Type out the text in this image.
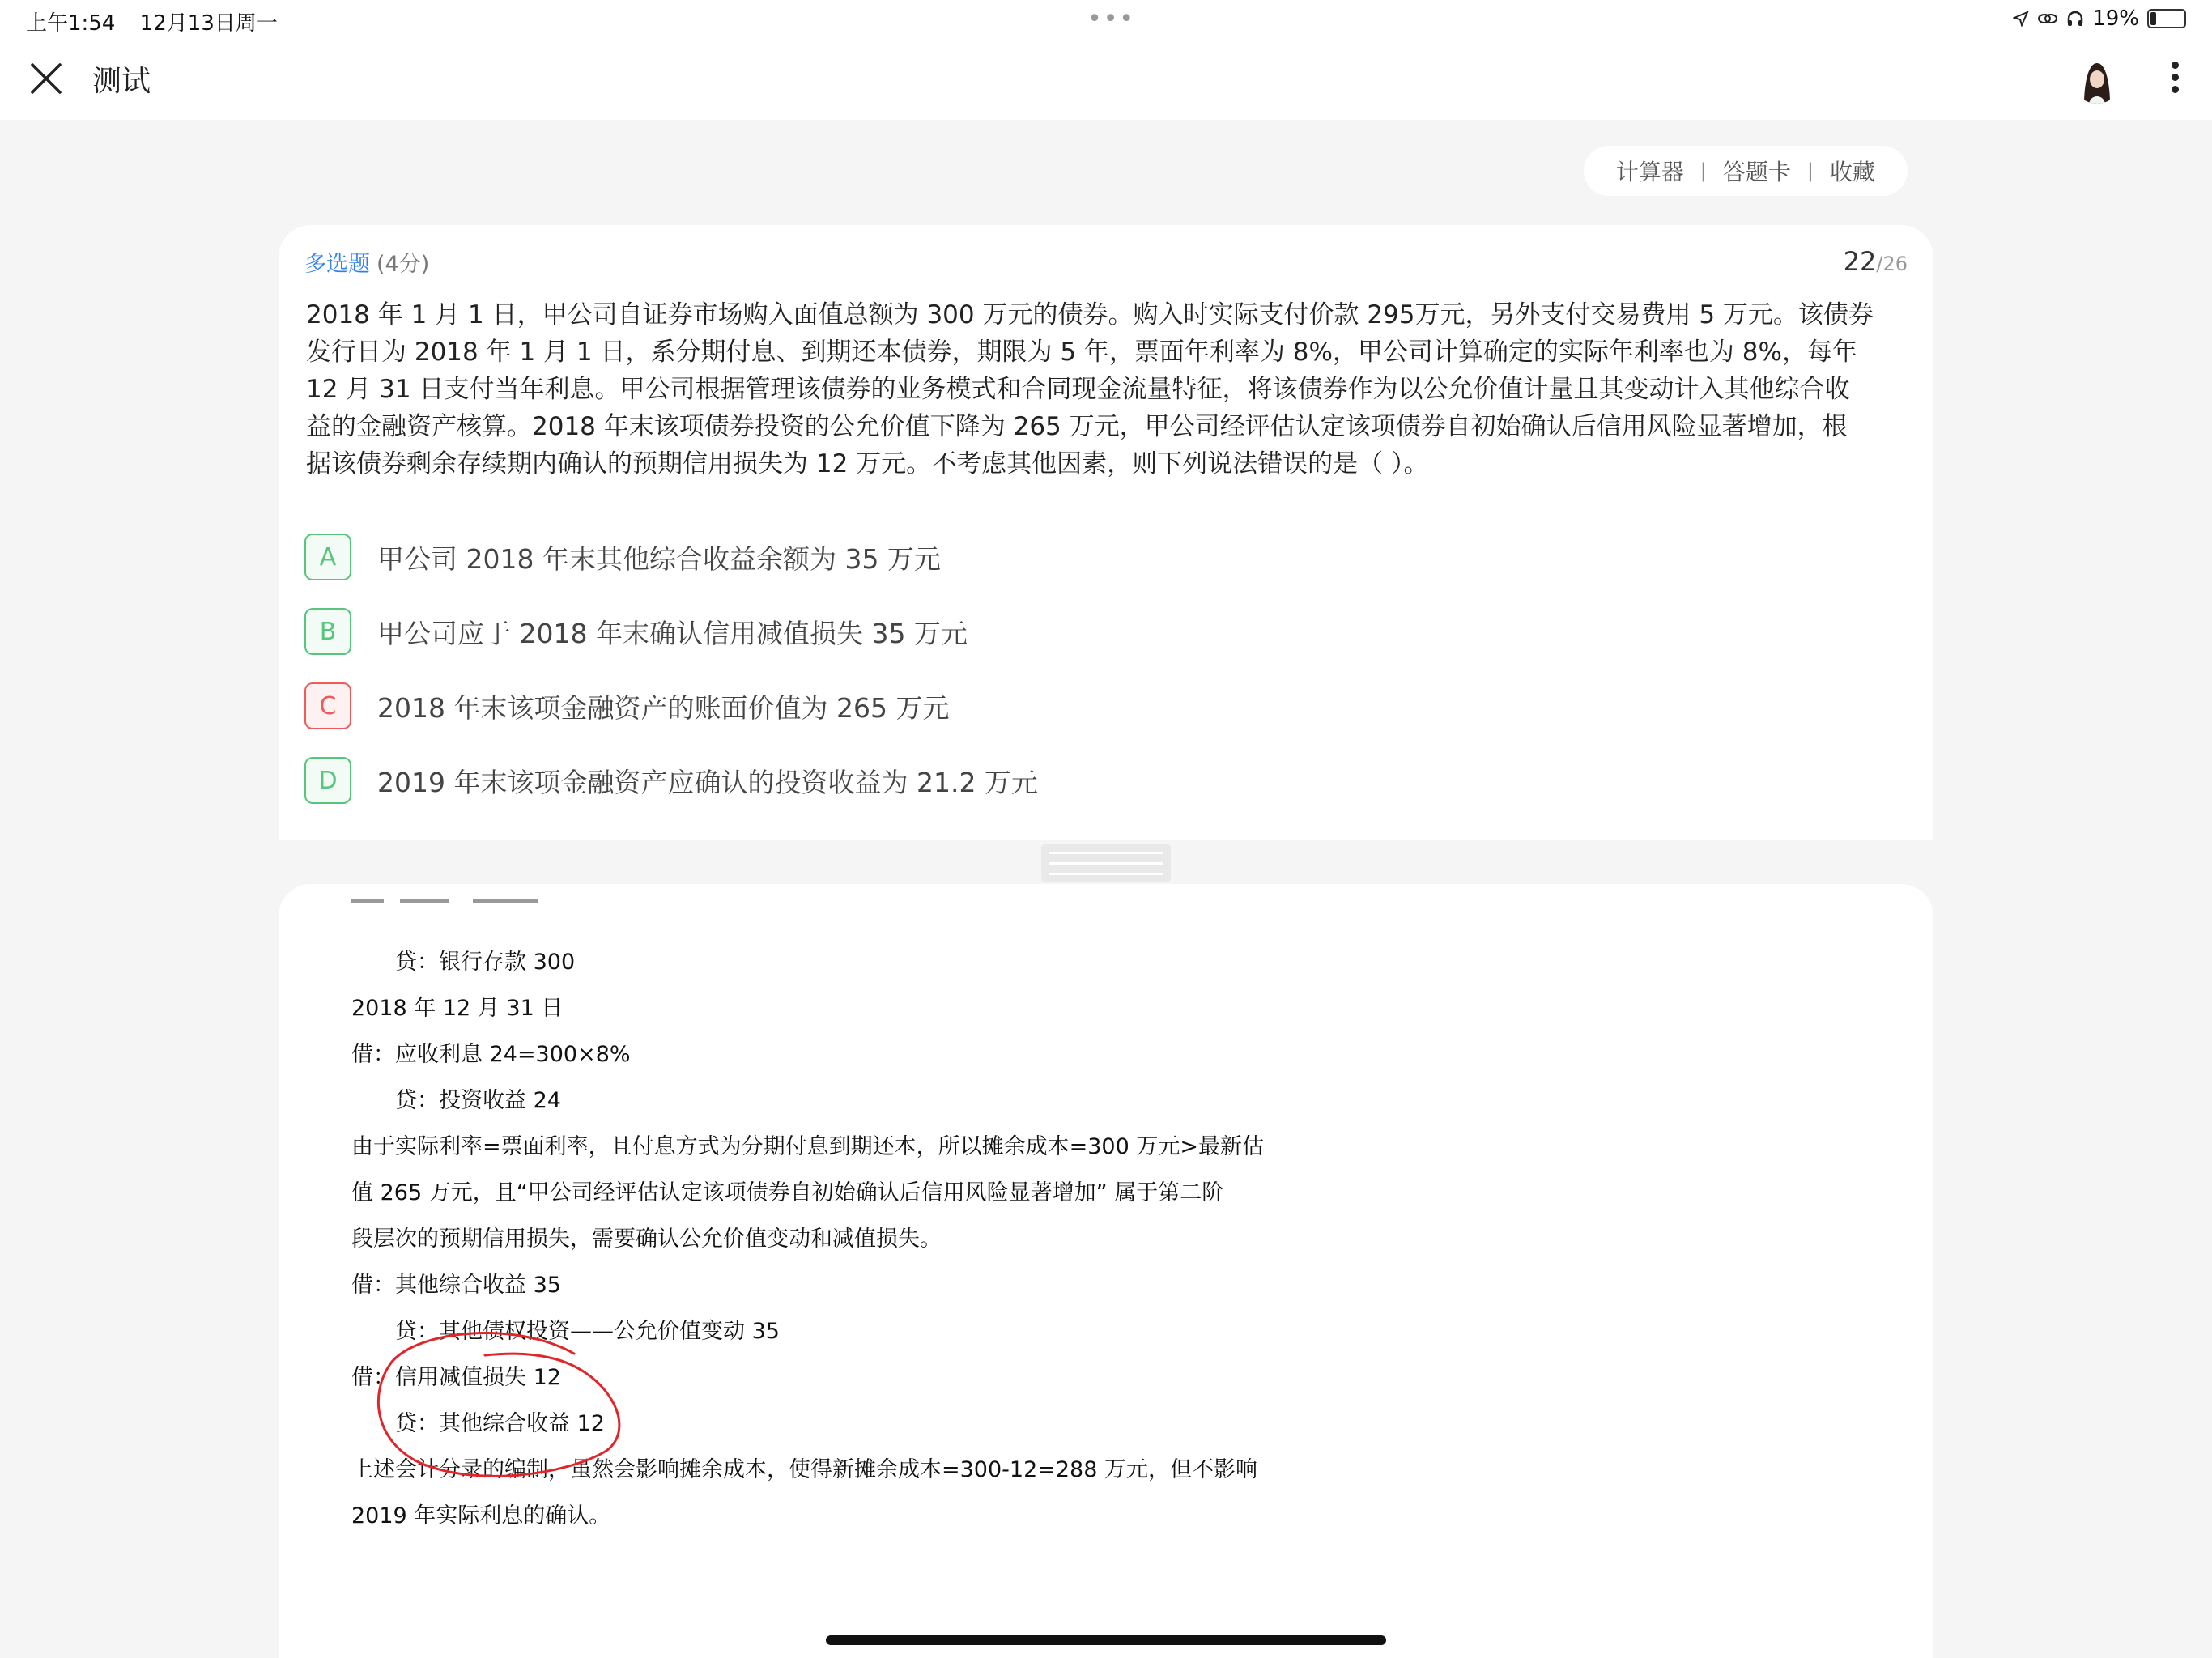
上午1:54 12月13日周一	•••	19%
测试
计算器 | 答题卡 | 收藏
多选题 (4分)	22/26
2018 年 1 月 1 日，甲公司自证券市场购入面值总额为 300 万元的债券。购入时实际支付价款 295万元，另外支付交易费用 5 万元。该债券
发行日为 2018 年 1 月 1 日，系分期付息、到期还本债券，期限为 5 年，票面年利率为 8%，甲公司计算确定的实际年利率也为 8%，每年
12 月 31 日支付当年利息。甲公司根据管理该债券的业务模式和合同现金流量特征，将该债券作为以公允价值计量且其变动计入其他综合收
益的金融资产核算。2018 年末该项债券投资的公允价值下降为 265 万元，甲公司经评估认定该项债券自初始确认后信用风险显著增加，根
据该债券剩余存续期内确认的预期信用损失为 12 万元。不考虑其他因素，则下列说法错误的是（ ）。
A	甲公司 2018 年末其他综合收益余额为 35 万元
B	甲公司应于 2018 年末确认信用减值损失 35 万元
C	2018 年末该项金融资产的账面价值为 265 万元
D	2019 年末该项金融资产应确认的投资收益为 21.2 万元
贷：银行存款 300
2018 年 12 月 31 日
借：应收利息 24=300×8%
贷：投资收益 24
由于实际利率=票面利率，且付息方式为分期付息到期还本，所以摊余成本=300 万元>最新估
值 265 万元，且“甲公司经评估认定该项债券自初始确认后信用风险显著增加” 属于第二阶
段层次的预期信用损失，需要确认公允价值变动和减值损失。
借：其他综合收益 35
贷：其他债权投资——公允价值变动 35
借：信用减值损失 12
贷：其他综合收益 12
上述会计分录的编制，虽然会影响摊余成本，使得新摊余成本=300-12=288 万元，但不影响
2019 年实际利息的确认。
